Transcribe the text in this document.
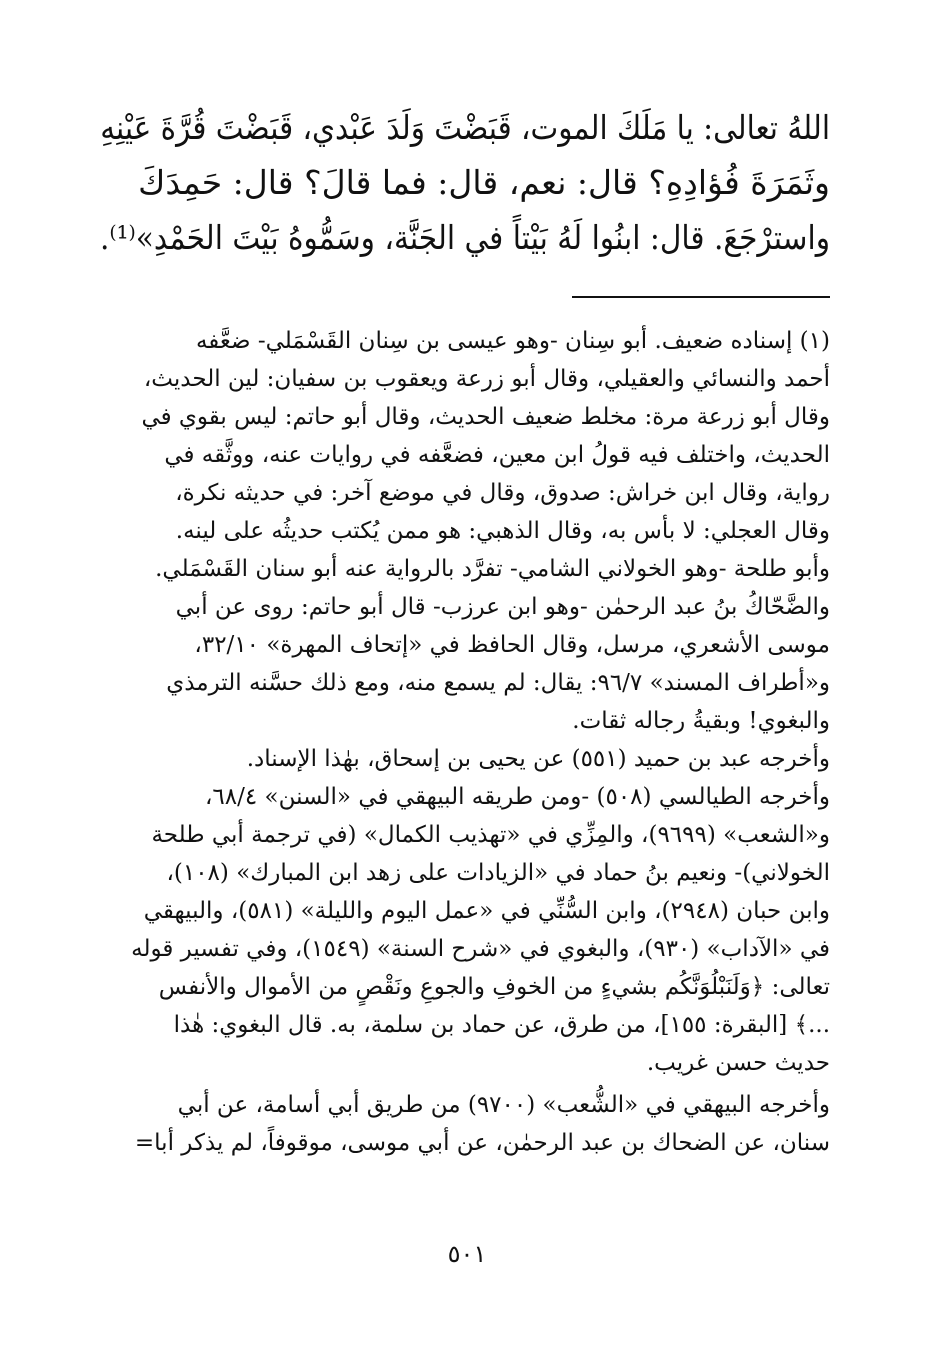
اللهُ تعالى: يا مَلَكَ الموت، قَبَضْتَ وَلَدَ عَبْدي، قَبَضْتَ قُرَّةَ عَيْنِهِ

وثَمَرَةَ فُؤادِهِ؟ قال: نعم، قال: فما قالَ؟ قال: حَمِدَكَ

واسترْجَعَ. قال: ابنُوا لَهُ بَيْتاً في الجَنَّة، وسَمُّوهُ بَيْتَ الحَمْدِ»⁽¹⁾.

(١) إسناده ضعيف. أبو سِنان -وهو عيسى بن سِنان القَسْمَلي- ضعَّفه

أحمد والنسائي والعقيلي، وقال أبو زرعة ويعقوب بن سفيان: لين الحديث،

وقال أبو زرعة مرة: مخلط ضعيف الحديث، وقال أبو حاتم: ليس بقوي في

الحديث، واختلف فيه قولُ ابن معين، فضعَّفه في روايات عنه، ووثَّقه في

رواية، وقال ابن خراش: صدوق، وقال في موضع آخر: في حديثه نكرة،

وقال العجلي: لا بأس به، وقال الذهبي: هو ممن يُكتب حديثُه على لينه.

وأبو طلحة -وهو الخولاني الشامي- تفرَّد بالرواية عنه أبو سنان القَسْمَلي.

والضَّحّاكُ بنُ عبد الرحمٰن -وهو ابن عرزب- قال أبو حاتم: روى عن أبي

موسى الأشعري، مرسل، وقال الحافظ في «إتحاف المهرة» ٣٢/١٠،

و«أطراف المسند» ٩٦/٧: يقال: لم يسمع منه، ومع ذلك حسَّنه الترمذي

والبغوي! وبقيةُ رجاله ثقات.

وأخرجه عبد بن حميد (٥٥١) عن يحيى بن إسحاق، بهٰذا الإسناد.

وأخرجه الطيالسي (٥٠٨) -ومن طريقه البيهقي في «السنن» ٦٨/٤،

و«الشعب» (٩٦٩٩)، والمِزِّي في «تهذيب الكمال» (في ترجمة أبي طلحة

الخولاني)- ونعيم بنُ حماد في «الزيادات على زهد ابن المبارك» (١٠٨)،

وابن حبان (٢٩٤٨)، وابن السُّنِّي في «عمل اليوم والليلة» (٥٨١)، والبيهقي

في «الآداب» (٩٣٠)، والبغوي في «شرح السنة» (١٥٤٩)، وفي تفسير قوله

تعالى: ﴿وَلَنَبْلُوَنَّكُم بشيءٍ من الخوفِ والجوعِ ونَقْصٍ من الأموال والأنفس

...﴾ [البقرة: ١٥٥]، من طرق، عن حماد بن سلمة، به. قال البغوي: هٰذا

حديث حسن غريب.

وأخرجه البيهقي في «الشُّعب» (٩٧٠٠) من طريق أبي أسامة، عن أبي

سنان، عن الضحاك بن عبد الرحمٰن، عن أبي موسى، موقوفاً، لم يذكر أبا=

٥٠١
